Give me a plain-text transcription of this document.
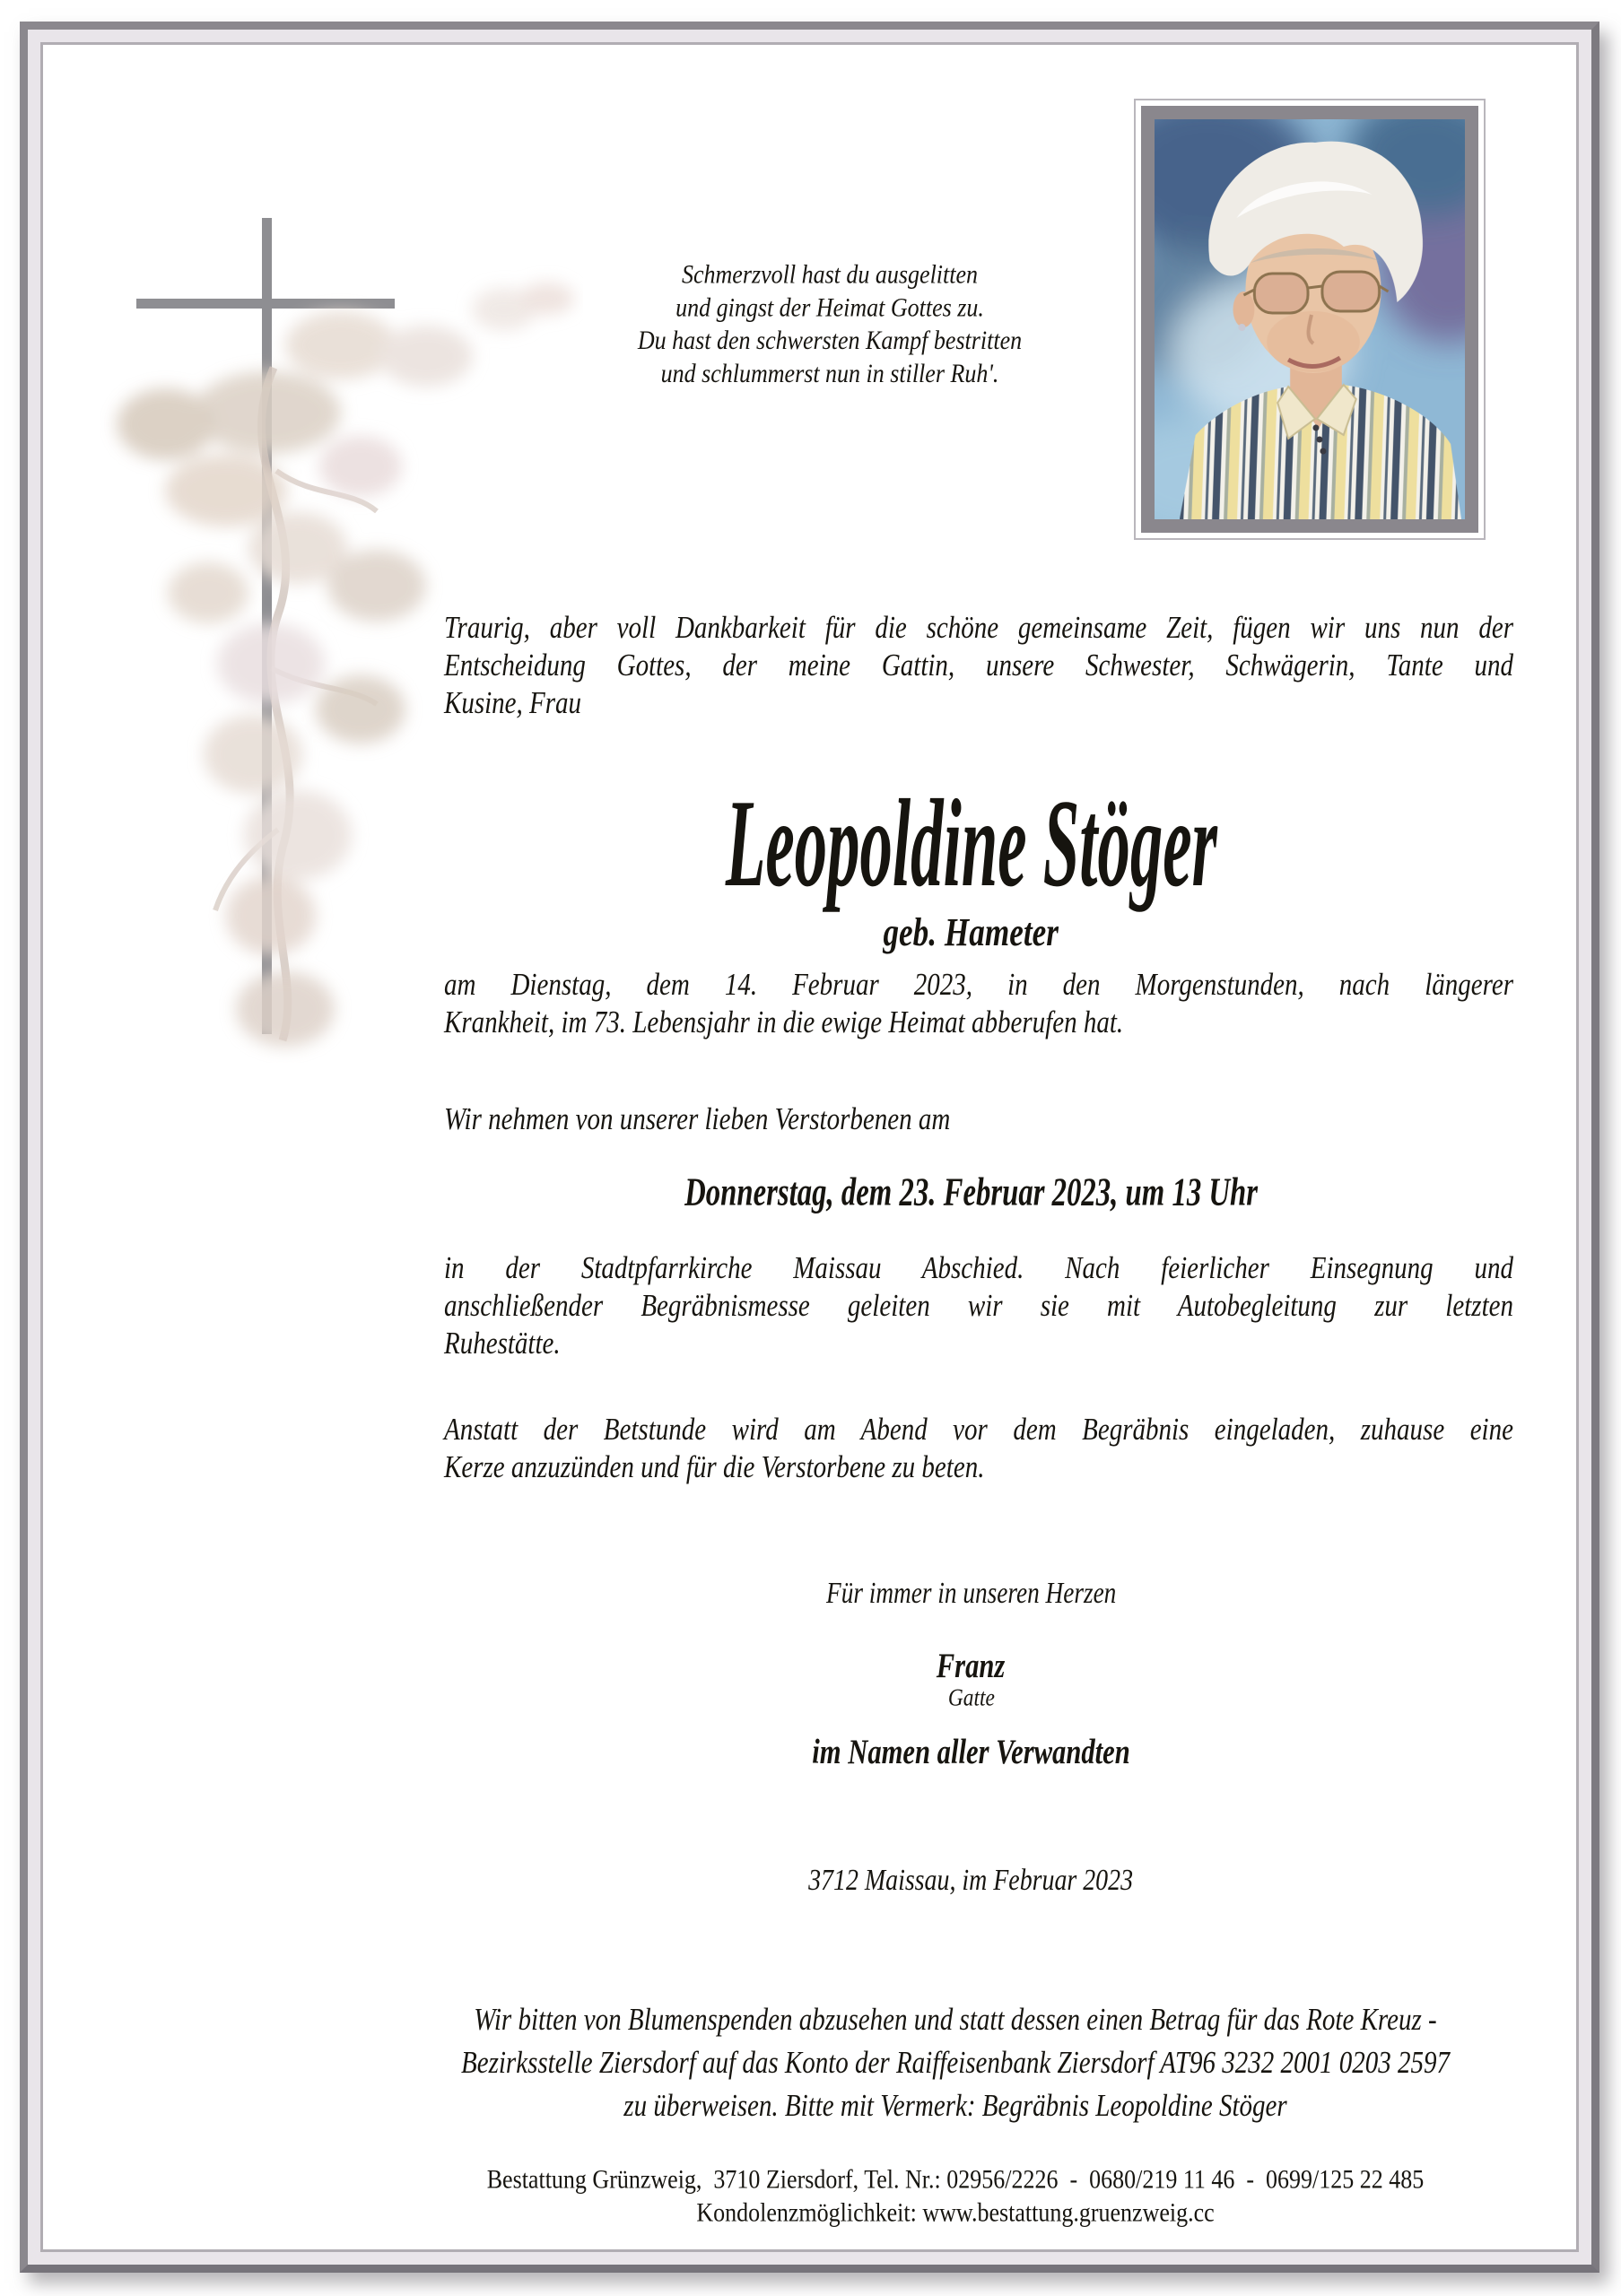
Schmerzvoll hast du ausgelitten
und gingst der Heimat Gottes zu.
Du hast den schwersten Kampf bestritten
und schlummerst nun in stiller Ruh'.
Traurig, aber voll Dankbarkeit für die schöne gemeinsame Zeit, fügen wir uns nun der
Entscheidung Gottes, der meine Gattin, unsere Schwester, Schwägerin, Tante und
Kusine, Frau
Leopoldine Stöger
geb. Hameter
am Dienstag, dem 14. Februar 2023, in den Morgenstunden, nach längerer
Krankheit, im 73. Lebensjahr in die ewige Heimat abberufen hat.
Wir nehmen von unserer lieben Verstorbenen am
Donnerstag, dem 23. Februar 2023, um 13 Uhr
in der Stadtpfarrkirche Maissau Abschied. Nach feierlicher Einsegnung und
anschließender Begräbnismesse geleiten wir sie mit Autobegleitung zur letzten
Ruhestätte.
Anstatt der Betstunde wird am Abend vor dem Begräbnis eingeladen, zuhause eine
Kerze anzuzünden und für die Verstorbene zu beten.
Für immer in unseren Herzen
Franz
Gatte
im Namen aller Verwandten
3712 Maissau, im Februar 2023
Wir bitten von Blumenspenden abzusehen und statt dessen einen Betrag für das Rote Kreuz -
Bezirksstelle Ziersdorf auf das Konto der Raiffeisenbank Ziersdorf AT96 3232 2001 0203 2597
zu überweisen. Bitte mit Vermerk: Begräbnis Leopoldine Stöger
Bestattung Grünzweig,  3710 Ziersdorf, Tel. Nr.: 02956/2226  -  0680/219 11 46  -  0699/125 22 485
Kondolenzmöglichkeit: www.bestattung.gruenzweig.cc
